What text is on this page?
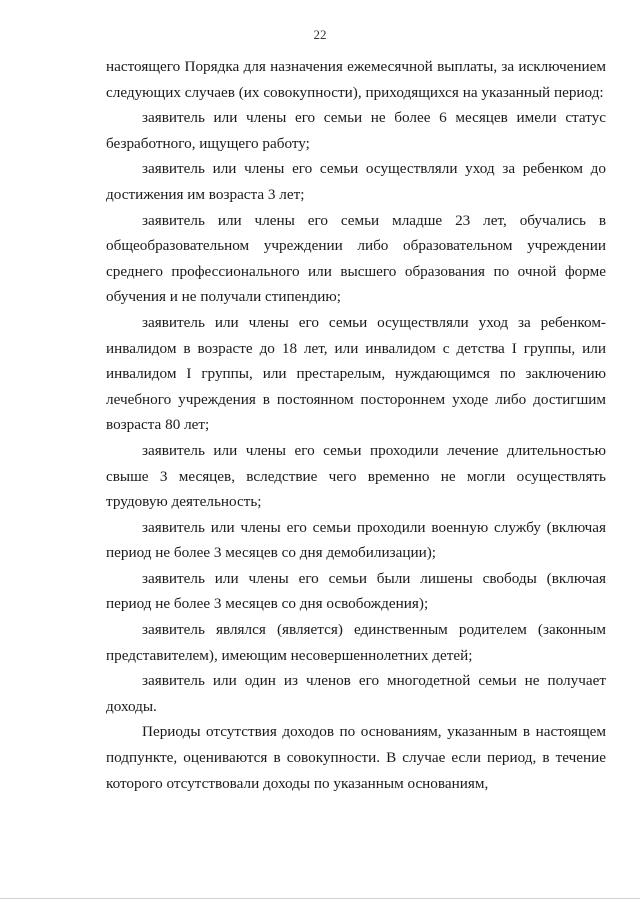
22

настоящего Порядка для назначения ежемесячной выплаты, за исключением следующих случаев (их совокупности), приходящихся на указанный период:

заявитель или члены его семьи не более 6 месяцев имели статус безработного, ищущего работу;

заявитель или члены его семьи осуществляли уход за ребенком до достижения им возраста 3 лет;

заявитель или члены его семьи младше 23 лет, обучались в общеобразовательном учреждении либо образовательном учреждении среднего профессионального или высшего образования по очной форме обучения и не получали стипендию;

заявитель или члены его семьи осуществляли уход за ребенком-инвалидом в возрасте до 18 лет, или инвалидом с детства I группы, или инвалидом I группы, или престарелым, нуждающимся по заключению лечебного учреждения в постоянном постороннем уходе либо достигшим возраста 80 лет;

заявитель или члены его семьи проходили лечение длительностью свыше 3 месяцев, вследствие чего временно не могли осуществлять трудовую деятельность;

заявитель или члены его семьи проходили военную службу (включая период не более 3 месяцев со дня демобилизации);

заявитель или члены его семьи были лишены свободы (включая период не более 3 месяцев со дня освобождения);

заявитель являлся (является) единственным родителем (законным представителем), имеющим несовершеннолетних детей;

заявитель или один из членов его многодетной семьи не получает доходы.

Периоды отсутствия доходов по основаниям, указанным в настоящем подпункте, оцениваются в совокупности. В случае если период, в течение которого отсутствовали доходы по указанным основаниям,
